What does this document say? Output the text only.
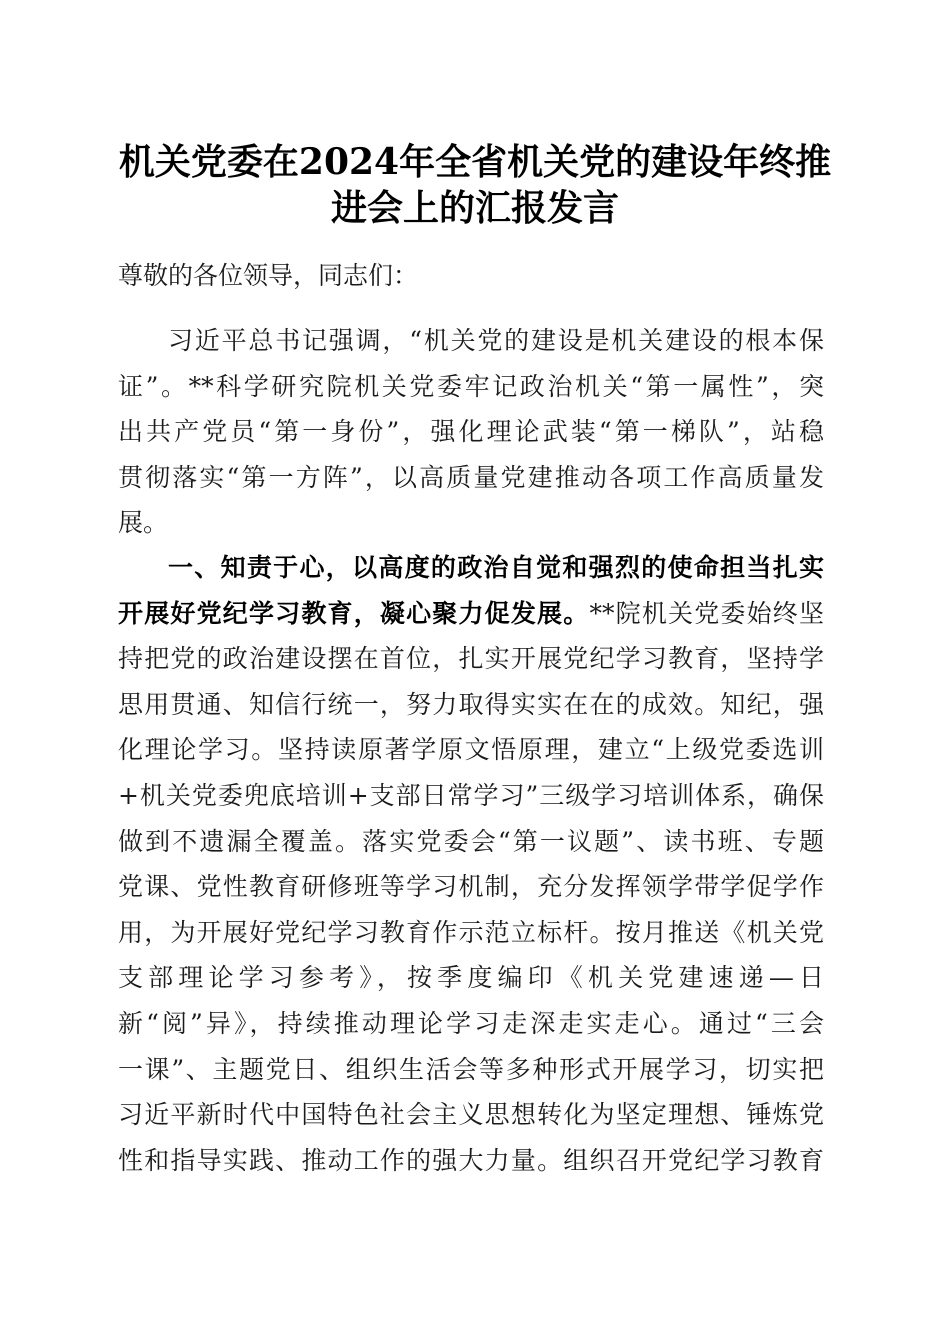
机关党委在2024年全省机关党的建设年终推
进会上的汇报发言

尊敬的各位领导，同志们：

习近平总书记强调，“机关党的建设是机关建设的根本保
证”。**科学研究院机关党委牢记政治机关“第一属性”，突
出共产党员“第一身份”，强化理论武装“第一梯队”，站稳
贯彻落实“第一方阵”，以高质量党建推动各项工作高质量发
展。
一、知责于心，以高度的政治自觉和强烈的使命担当扎实
开展好党纪学习教育，凝心聚力促发展。**院机关党委始终坚
持把党的政治建设摆在首位，扎实开展党纪学习教育，坚持学
思用贯通、知信行统一，努力取得实实在在的成效。知纪，强
化理论学习。坚持读原著学原文悟原理，建立“上级党委选训
+机关党委兜底培训+支部日常学习”三级学习培训体系，确保
做到不遗漏全覆盖。落实党委会“第一议题”、读书班、专题
党课、党性教育研修班等学习机制，充分发挥领学带学促学作
用，为开展好党纪学习教育作示范立标杆。按月推送《机关党
支部理论学习参考》，按季度编印《机关党建速递—日
新“阅”异》，持续推动理论学习走深走实走心。通过“三会
一课”、主题党日、组织生活会等多种形式开展学习，切实把
习近平新时代中国特色社会主义思想转化为坚定理想、锤炼党
性和指导实践、推动工作的强大力量。组织召开党纪学习教育
